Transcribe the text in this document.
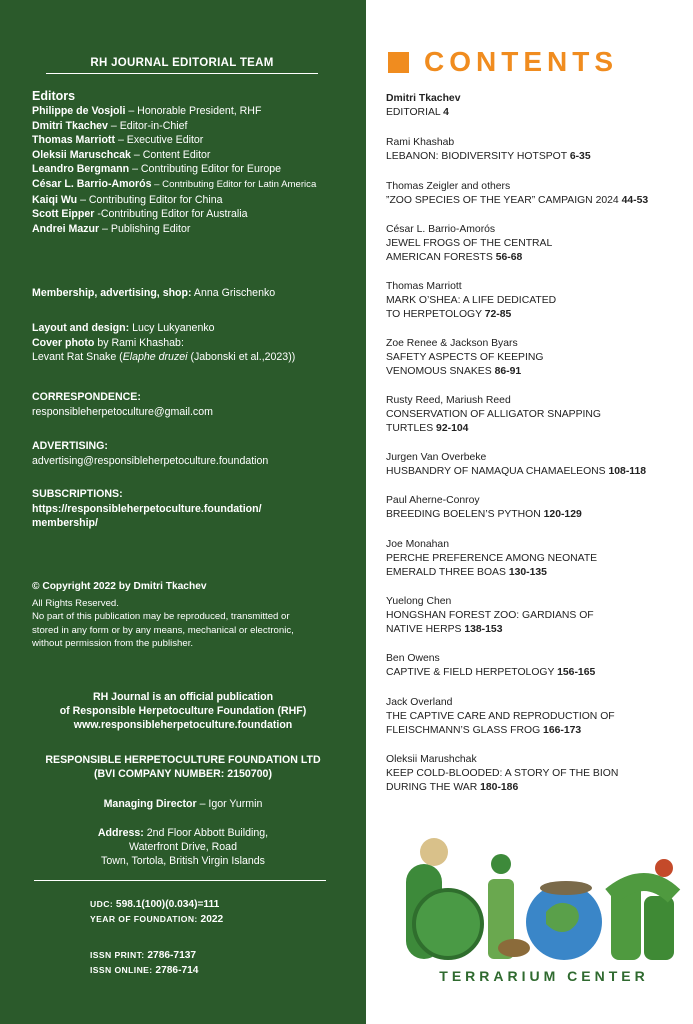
RH JOURNAL EDITORIAL TEAM
Editors
Philippe de Vosjoli – Honorable President, RHF
Dmitri Tkachev – Editor-in-Chief
Thomas Marriott – Executive Editor
Oleksii Maruschcak – Content Editor
Leandro Bergmann – Contributing Editor for Europe
César L. Barrio-Amorós – Contributing Editor for Latin America
Kaiqi Wu – Contributing Editor for China
Scott Eipper -Contributing Editor for Australia
Andrei Mazur – Publishing Editor
Membership, advertising, shop: Anna Grischenko
Layout and design: Lucy Lukyanenko
Cover photo by Rami Khashab:
Levant Rat Snake (Elaphe druzei (Jabonski et al.,2023))
CORRESPONDENCE:
responsibleherpetoculture@gmail.com
ADVERTISING:
advertising@responsibleherpetoculture.foundation
SUBSCRIPTIONS:
https://responsibleherpetoculture.foundation/
membership/
© Copyright 2022 by Dmitri Tkachev
All Rights Reserved.
No part of this publication may be reproduced, transmitted or
stored in any form or by any means, mechanical or electronic,
without permission from the publisher.
RH Journal is an official publication
of Responsible Herpetoculture Foundation (RHF)
www.responsibleherpetoculture.foundation
RESPONSIBLE HERPETOCULTURE FOUNDATION LTD
(BVI COMPANY NUMBER: 2150700)
Managing Director – Igor Yurmin
Address: 2nd Floor Abbott Building,
Waterfront Drive, Road
Town, Tortola, British Virgin Islands
UDC: 598.1(100)(0.034)=111
YEAR OF FOUNDATION: 2022
ISSN PRINT: 2786-7137
ISSN ONLINE: 2786-714
CONTENTS
Dmitri Tkachev
EDITORIAL 4
Rami Khashab
LEBANON: BIODIVERSITY HOTSPOT 6-35
Thomas Zeigler and others
”ZOO SPECIES OF THE YEAR” CAMPAIGN 2024 44-53
César L. Barrio-Amorós
JEWEL FROGS OF THE CENTRAL
AMERICAN FORESTS 56-68
Thomas Marriott
MARK O’SHEA: A LIFE DEDICATED
TO HERPETOLOGY 72-85
Zoe Renee & Jackson Byars
SAFETY ASPECTS OF KEEPING
VENOMOUS SNAKES 86-91
Rusty Reed, Mariush Reed
CONSERVATION OF ALLIGATOR SNAPPING
TURTLES 92-104
Jurgen Van Overbeke
HUSBANDRY OF NAMAQUA CHAMAELEONS 108-118
Paul Aherne-Conroy
BREEDING BOELEN’S PYTHON 120-129
Joe Monahan
PERCHE PREFERENCE AMONG NEONATE
EMERALD THREE BOAS 130-135
Yuelong Chen
HONGSHAN FOREST ZOO: GARDIANS OF
NATIVE HERPS 138-153
Ben Owens
CAPTIVE & FIELD HERPETOLOGY 156-165
Jack Overland
THE CAPTIVE CARE AND REPRODUCTION OF
FLEISCHMANN’S GLASS FROG 166-173
Oleksii Marushchak
KEEP COLD-BLOODED: A STORY OF THE BION
DURING THE WAR 180-186
TERRARIUM CENTER
